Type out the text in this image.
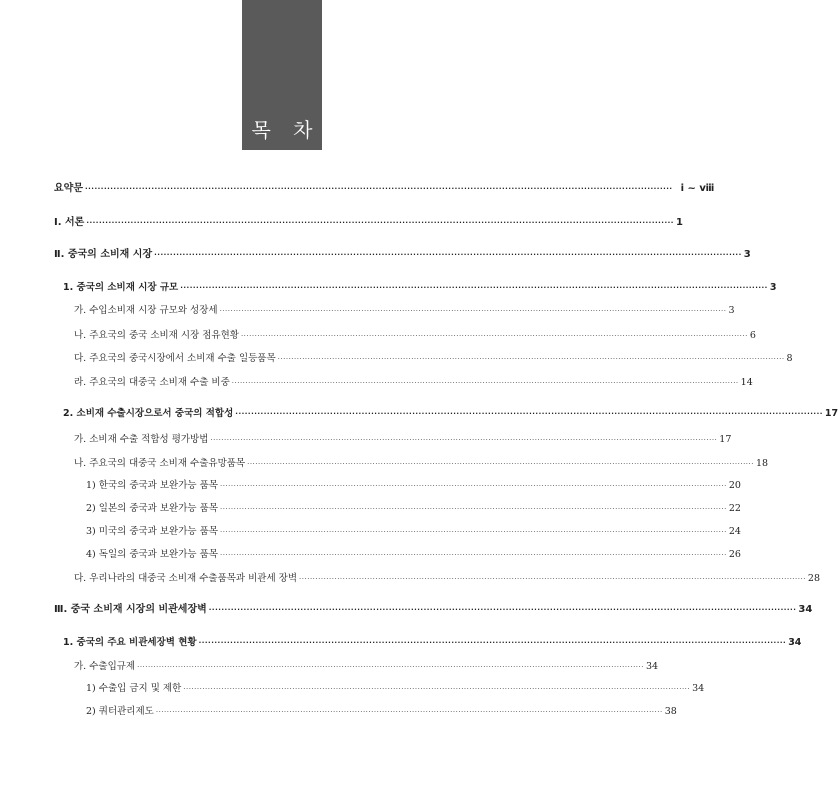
목 차
요약문 ·························································································································································································· ⅰ ~ ⅷ
Ⅰ. 서론 ·························································································································································································· 1
Ⅱ. 중국의 소비재 시장 ·························································································································································································· 3
1. 중국의 소비재 시장 규모 ·························································································································································································· 3
가. 수입소비재 시장 규모와 성장세 ·························································································································································································· 3
나. 주요국의 중국 소비재 시장 점유현황 ·························································································································································································· 6
다. 주요국의 중국시장에서 소비재 수출 일등품목 ·························································································································································································· 8
라. 주요국의 대중국 소비재 수출 비중 ·························································································································································································· 14
2. 소비재 수출시장으로서 중국의 적합성 ·························································································································································································· 17
가. 소비재 수출 적합성 평가방법 ·························································································································································································· 17
나. 주요국의 대중국 소비재 수출유망품목 ·························································································································································································· 18
1) 한국의 중국과 보완가능 품목 ·························································································································································································· 20
2) 일본의 중국과 보완가능 품목 ·························································································································································································· 22
3) 미국의 중국과 보완가능 품목 ·························································································································································································· 24
4) 독일의 중국과 보완가능 품목 ·························································································································································································· 26
다. 우리나라의 대중국 소비재 수출품목과 비관세 장벽 ·························································································································································································· 28
Ⅲ. 중국 소비재 시장의 비관세장벽 ·························································································································································································· 34
1. 중국의 주요 비관세장벽 현황 ·························································································································································································· 34
가. 수출입규제 ·························································································································································································· 34
1) 수출입 금지 및 제한 ·························································································································································································· 34
2) 쿼터관리제도 ·························································································································································································· 38
